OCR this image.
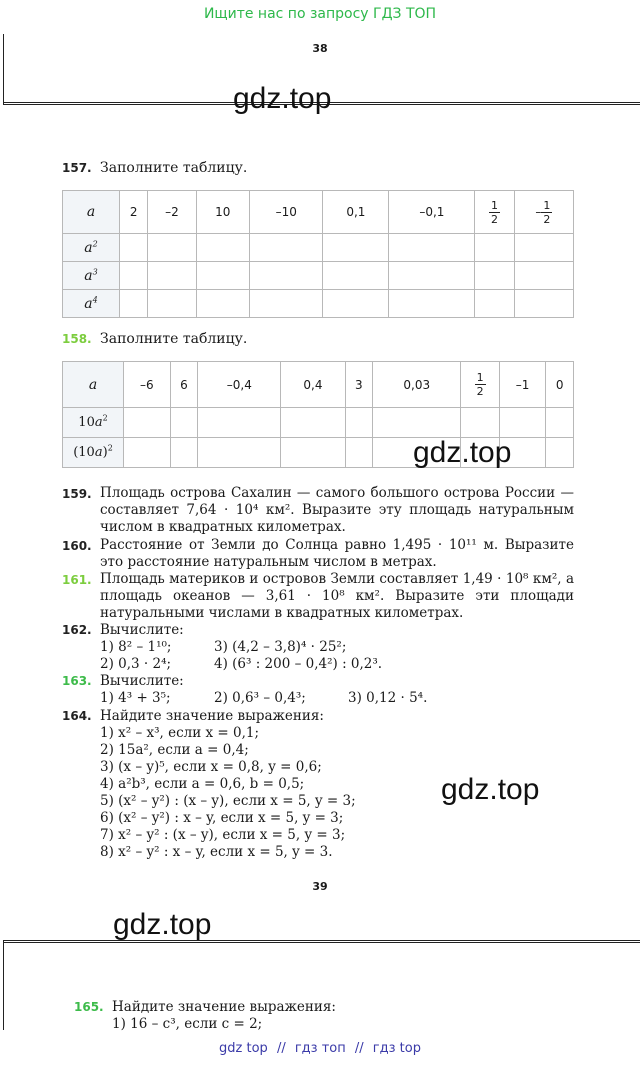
Ищите нас по запросу ГДЗ ТОП
38
gdz.top
157. Заполните таблицу.
a	2	–2	10	–10	0,1	–0,1	$\frac{1}{2}$	– $\frac{1}{2}$

$a^2$								
$a^3$								
$a^4$								
158. Заполните таблицу.
a	–6	6	–0,4	0,4	3	0,03	$\frac{1}{2}$	–1	0
$10a^2$									
$(10a)^2$										gdz.top
159. Площадь острова Сахалин — самого большого острова России — составляет 7,64 · 10⁴ км². Выразите эту площадь натуральным числом в квадратных километрах.
160. Расстояние от Земли до Солнца равно 1,495 · 10¹¹ м. Выразите это расстояние натуральным числом в метрах.
161. Площадь материков и островов Земли составляет 1,49 · 10⁸ км², а площадь океанов — 3,61 · 10⁸ км². Выразите эти площади натуральными числами в квадратных километрах.
162. Вычислите:
1) 8² – 1¹⁰;	3) (4,2 – 3,8)⁴ · 25²;
2) 0,3 · 2⁴;	4) (6³ : 200 – 0,4²) : 0,2³.
163. Вычислите:
1) 4³ + 3⁵;	2) 0,6³ – 0,4³;	3) 0,12 · 5⁴.
164. Найдите значение выражения:
1) x² – x³, если x = 0,1;
2) 15a², если a = 0,4;
3) (x – y)⁵, если x = 0,8, y = 0,6;
4) a²b³, если a = 0,6, b = 0,5;
5) (x² – y²) : (x – y), если x = 5, y = 3;
6) (x² – y²) : x – y, если x = 5, y = 3;
7) x² – y² : (x – y), если x = 5, y = 3;
8) x² – y² : x – y, если x = 5, y = 3.
gdz.top
39
gdz.top
165. Найдите значение выражения:
1) 16 – c³, если c = 2;
gdz top // гдз топ // гдз top
